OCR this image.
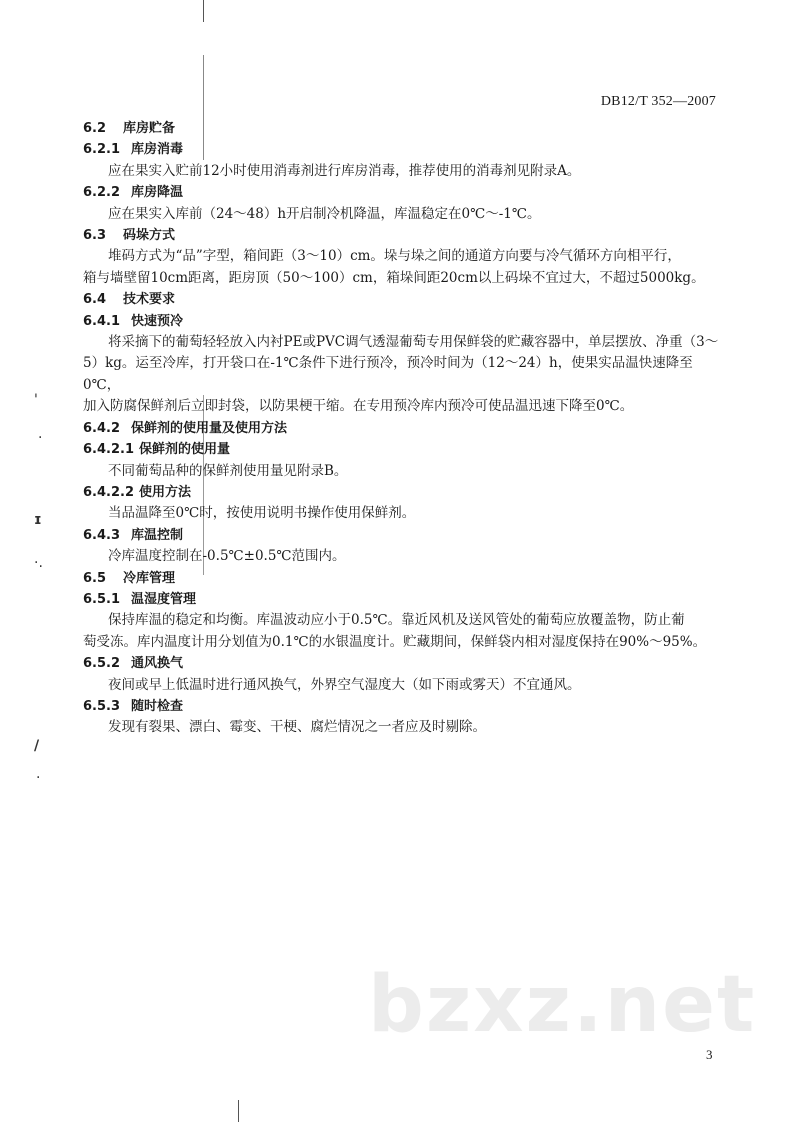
'
·
ɪ
·.
/
·
DB12/T 352—2007
6.2 库房贮备
6.2.1 库房消毒
应在果实入贮前12小时使用消毒剂进行库房消毒，推荐使用的消毒剂见附录A。
6.2.2 库房降温
应在果实入库前（24～48）h开启制冷机降温，库温稳定在0℃～-1℃。
6.3 码垛方式
堆码方式为“品”字型，箱间距（3～10）cm。垛与垛之间的通道方向要与冷气循环方向相平行，
箱与墙壁留10cm距离，距房顶（50～100）cm，箱垛间距20cm以上码垛不宜过大，不超过5000kg。
6.4 技术要求
6.4.1 快速预冷
将采摘下的葡萄轻轻放入内衬PE或PVC调气透湿葡萄专用保鲜袋的贮藏容器中，单层摆放、净重（3～
5）kg。运至冷库，打开袋口在-1℃条件下进行预冷，预冷时间为（12～24）h，使果实品温快速降至0℃，
加入防腐保鲜剂后立即封袋，以防果梗干缩。在专用预冷库内预冷可使品温迅速下降至0℃。
6.4.2 保鲜剂的使用量及使用方法
6.4.2.1 保鲜剂的使用量
不同葡萄品种的保鲜剂使用量见附录B。
6.4.2.2 使用方法
当品温降至0℃时，按使用说明书操作使用保鲜剂。
6.4.3 库温控制
冷库温度控制在-0.5℃±0.5℃范围内。
6.5 冷库管理
6.5.1 温湿度管理
保持库温的稳定和均衡。库温波动应小于0.5℃。靠近风机及送风管处的葡萄应放覆盖物，防止葡
萄受冻。库内温度计用分划值为0.1℃的水银温度计。贮藏期间，保鲜袋内相对湿度保持在90%～95%。
6.5.2 通风换气
夜间或早上低温时进行通风换气，外界空气湿度大（如下雨或雾天）不宜通风。
6.5.3 随时检查
发现有裂果、漂白、霉变、干梗、腐烂情况之一者应及时剔除。
bzxz.net
3
